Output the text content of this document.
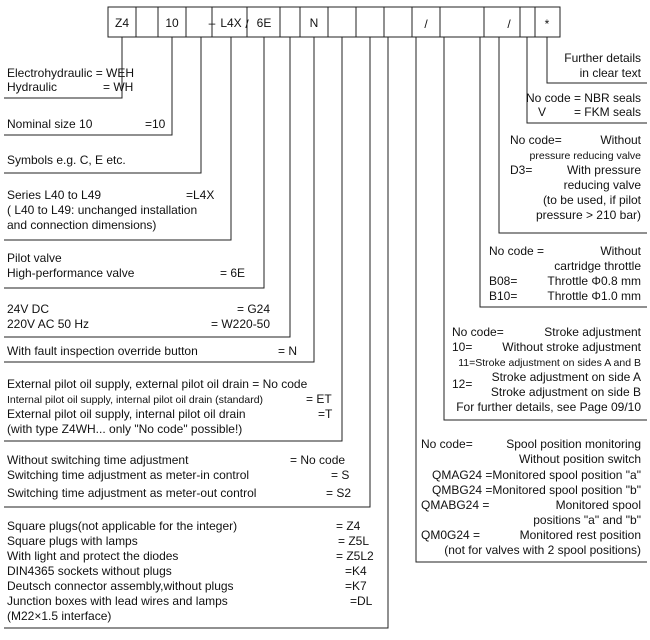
Z4	10 – L4X / 6E	N	/	/	*
Electrohydraulic = WEH
Hydraulic	= WH
Nominal size 10	=10
Symbols e.g. C, E etc.
Series L40 to L49	=L4X
( L40 to L49: unchanged installation
and connection dimensions)
Pilot valve
High-performance valve	= 6E
24V DC	= G24
220V AC 50 Hz	= W220-50
With fault inspection override button	= N
External pilot oil supply, external pilot oil drain = No code
Internal pilot oil supply, internal pilot oil drain (standard)	= ET
External pilot oil supply, internal pilot oil drain	=T
(with type Z4WH... only "No code" possible!)
Without switching time adjustment	= No code
Switching time adjustment as meter-in control	= S
Switching time adjustment as meter-out control	= S2
Square plugs(not applicable for the integer)	= Z4
Square plugs with lamps	= Z5L
With light and protect the diodes	= Z5L2
DIN4365 sockets without plugs	=K4
Deutsch connector assembly,without plugs	=K7
Junction boxes with lead wires and lamps	=DL
(M22×1.5 interface)
Further details
in clear text
No code = NBR seals
V = FKM seals
No code=	Without
pressure reducing valve
D3=	With pressure
reducing valve
(to be used, if pilot
pressure > 210 bar)
No code =	Without
cartridge throttle
B08=	Throttle Φ0.8 mm
B10=	Throttle Φ1.0 mm
No code=	Stroke adjustment
10= Without stroke adjustment
11=Stroke adjustment on sides A and B
12= Stroke adjustment on side A
Stroke adjustment on side B
For further details, see Page 09/10
No code=	Spool position monitoring
Without position switch
QMAG24 =Monitored spool position "a"
QMBG24 =Monitored spool position "b"
QMABG24 =	Monitored spool
positions "a" and "b"
QM0G24 =	Monitored rest position
(not for valves with 2 spool positions)
